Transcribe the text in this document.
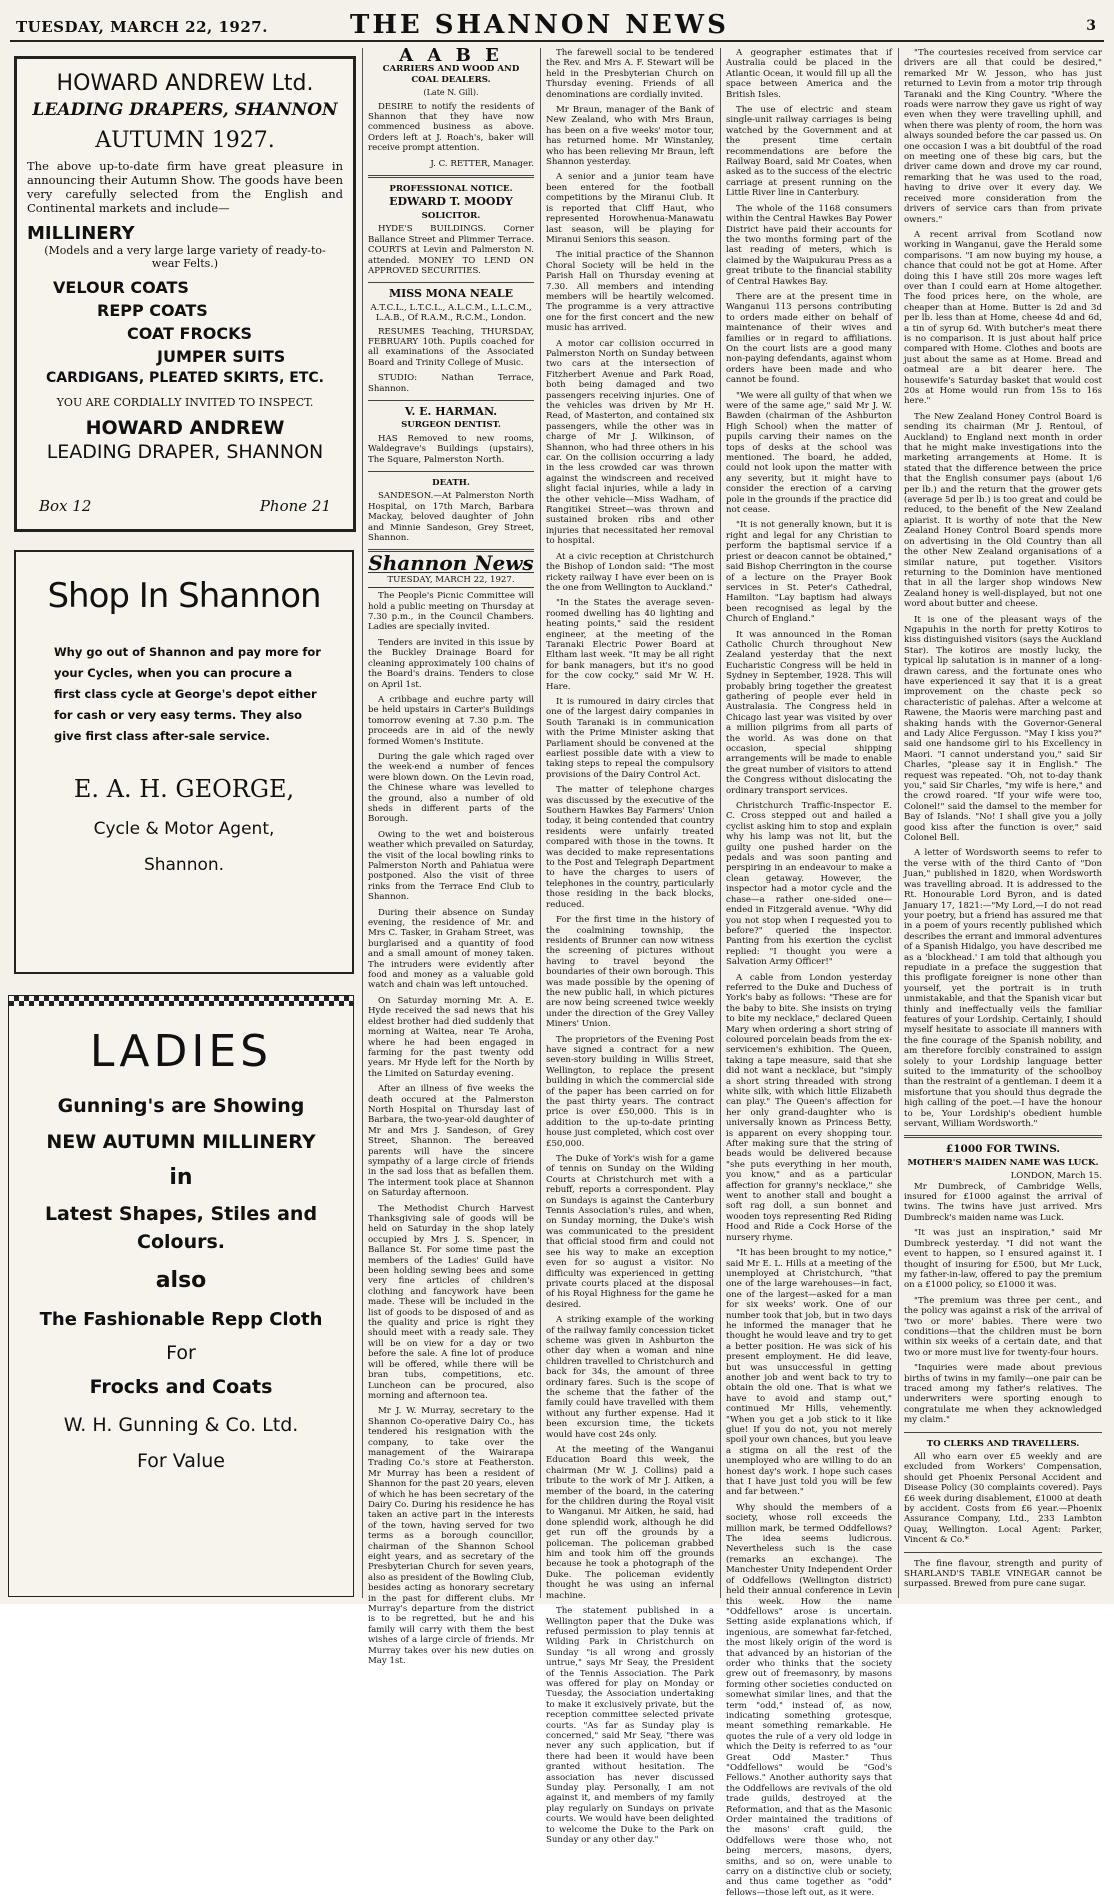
TUESDAY, MARCH 22, 1927.	THE SHANNON NEWS	3
HOWARD ANDREW Ltd.
LEADING DRAPERS, SHANNON
AUTUMN 1927.
The above up-to-date firm have great pleasure in announcing their Autumn Show. The goods have been very carefully selected from the English and Continental markets and include—
MILLINERY
(Models and a very large large variety of ready-to-wear Felts.)
VELOUR COATS
REPP COATS
COAT FROCKS
JUMPER SUITS
CARDIGANS, PLEATED SKIRTS, ETC.
YOU ARE CORDIALLY INVITED TO INSPECT.
HOWARD ANDREW
LEADING DRAPER, SHANNON
Box 12	Phone 21
Shop In Shannon
Why go out of Shannon and pay more for your Cycles, when you can procure a first class cycle at George's depot either for cash or very easy terms. They also give first class after-sale service.
E. A. H. GEORGE,
Cycle & Motor Agent,
Shannon.
LADIES
Gunning's are Showing
NEW AUTUMN MILLINERY
in
Latest Shapes, Stiles and Colours.
also
The Fashionable Repp Cloth
For
Frocks and Coats
W. H. Gunning & Co. Ltd.
For Value
A A B E
CARRIERS AND WOOD AND COAL DEALERS.
(Late N. Gill).

DESIRE to notify the residents of Shannon that they have now commenced business as above. Orders left at J. Roach's, baker will receive prompt attention.

J. C. RETTER, Manager.
PROFESSIONAL NOTICE.
EDWARD T. MOODY
SOLICITOR.

HYDE'S BUILDINGS. Corner Ballance Street and Plimmer Terrace. COURTS at Levin and Palmerston N. attended. MONEY TO LEND ON APPROVED SECURITIES.

MISS MONA NEALE
A.T.C.L., L.T.C.L., A.L.C.M., L.L.C.M., L.A.B., Of R.A.M., R.C.M., London.

RESUMES Teaching, THURSDAY, FEBRUARY 10th. Pupils coached for all examinations of the Associated Board and Trinity College of Music.

STUDIO: Nathan Terrace, Shannon.

V. E. HARMAN.
SURGEON DENTIST.

HAS Removed to new rooms, Waldegrave's Buildings (upstairs), The Square, Palmerston North.

DEATH.

SANDESON.—At Palmerston North Hospital, on 17th March, Barbara Mackay, beloved daughter of John and Minnie Sandeson, Grey Street, Shannon.

Shannon News
TUESDAY, MARCH 22, 1927.

The People's Picnic Committee will hold a public meeting on Thursday at 7.30 p.m., in the Council Chambers. Ladies are specially invited.

Tenders are invited in this issue by the Buckley Drainage Board for cleaning approximately 100 chains of the Board's drains. Tenders to close on April 1st.

A cribbage and euchre party will be held upstairs in Carter's Buildings tomorrow evening at 7.30 p.m. The proceeds are in aid of the newly formed Women's Institute.

During the gale which raged over the week-end a number of fences were blown down. On the Levin road, the Chinese whare was levelled to the ground, also a number of old sheds in different parts of the Borough.

Owing to the wet and boisterous weather which prevailed on Saturday, the visit of the local bowling rinks to Palmerston North and Pahiatua were postponed. Also the visit of three rinks from the Terrace End Club to Shannon.

During their absence on Sunday evening, the residence of Mr. and Mrs C. Tasker, in Graham Street, was burglarised and a quantity of food and a small amount of money taken. The intruders were evidently after food and money as a valuable gold watch and chain was left untouched.

On Saturday morning Mr. A. E. Hyde received the sad news that his eldest brother had died suddenly that morning at Waitea, near Te Aroha, where he had been engaged in farming for the past twenty odd years. Mr Hyde left for the North by the Limited on Saturday evening.

After an illness of five weeks the death occured at the Palmerston North Hospital on Thursday last of Barbara, the two-year-old daughter of Mr and Mrs J. Sandeson, of Grey Street, Shannon. The bereaved parents will have the sincere sympathy of a large circle of friends in the sad loss that as befallen them. The interment took place at Shannon on Saturday afternoon.

The Methodist Church Harvest Thanksgiving sale of goods will be held on Saturday in the shop lately occupied by Mrs J. S. Spencer, in Ballance St. For some time past the members of the Ladies' Guild have been holding sewing bees and some very fine articles of children's clothing and fancywork have been made. These will be included in the list of goods to be disposed of and as the quality and price is right they should meet with a ready sale. They will be on view for a day or two before the sale. A fine lot of produce will be offered, while there will be bran tubs, competitions, etc. Luncheon can be procured, also morning and afternoon tea.

Mr J. W. Murray, secretary to the Shannon Co-operative Dairy Co., has tendered his resignation with the company, to take over the management of the Wairarapa Trading Co.'s store at Featherston. Mr Murray has been a resident of Shannon for the past 20 years, eleven of which he has been secretary of the Dairy Co. During his residence he has taken an active part in the interests of the town, having served for two terms as a borough councillor, chairman of the Shannon School eight years, and as secretary of the Presbyterian Church for seven years, also as president of the Bowling Club, besides acting as honorary secretary in the past for different clubs. Mr Murray's departure from the district is to be regretted, but he and his family will carry with them the best wishes of a large circle of friends. Mr Murray takes over his new duties on May 1st.

The farewell social to be tendered the Rev. and Mrs A. F. Stewart will be held in the Presbyterian Church on Thursday evening. Friends of all denominations are cordially invited.

Mr Braun, manager of the Bank of New Zealand, who with Mrs Braun, has been on a five weeks' motor tour, has returned home. Mr Winstanley, who has been relieving Mr Braun, left Shannon yesterday.

A senior and a junior team have been entered for the football competitions by the Miranui Club. It is reported that Cliff Haut, who represented Horowhenua-Manawatu last season, will be playing for Miranui Seniors this season.

The initial practice of the Shannon Choral Society will be held in the Parish Hall on Thursday evening at 7.30. All members and intending members will be heartily welcomed. The programme is a very attractive one for the first concert and the new music has arrived.

A motor car collision occurred in Palmerston North on Sunday between two cars at the intersection of Fitzherbert Avenue and Park Road, both being damaged and two passengers receiving injuries. One of the vehicles was driven by Mr H. Read, of Masterton, and contained six passengers, while the other was in charge of Mr J. Wilkinson, of Shannon, who had three others in his car. On the collision occurring a lady in the less crowded car was thrown against the windscreen and received slight facial injuries, while a lady in the other vehicle—Miss Wadham, of Rangitikei Street—was thrown and sustained broken ribs and other injuries that necessitated her removal to hospital.

At a civic reception at Christchurch the Bishop of London said: "The most rickety railway I have ever been on is the one from Wellington to Auckland."

"In the States the average seven-roomed dwelling has 40 lighting and heating points," said the resident engineer, at the meeting of the Taranaki Electric Power Board at Eltham last week. "It may be all right for bank managers, but it's no good for the cow cocky," said Mr W. H. Hare.

It is rumoured in dairy circles that one of the largest dairy companies in South Taranaki is in communication with the Prime Minister asking that Parliament should be convened at the earliest possible date with a view to taking steps to repeal the compulsory provisions of the Dairy Control Act.

The matter of telephone charges was discussed by the executive of the Southern Hawkes Bay Farmers' Union today, it being contended that country residents were unfairly treated compared with those in the towns. It was decided to make representations to the Post and Telegraph Department to have the charges to users of telephones in the country, particularly those residing in the back blocks, reduced.

For the first time in the history of the coalmining township, the residents of Brunner can now witness the screening of pictures without having to travel beyond the boundaries of their own borough. This was made possible by the opening of the new public hall, in which pictures are now being screened twice weekly under the direction of the Grey Valley Miners' Union.

The proprietors of the Evening Post have signed a contract for a new seven-story building in Willis Street, Wellington, to replace the present building in which the commercial side of the paper has been carried on for the past thirty years. The contract price is over £50,000. This is in addition to the up-to-date printing house just completed, which cost over £50,000.

The Duke of York's wish for a game of tennis on Sunday on the Wilding Courts at Christchurch met with a rebuff, reports a correspondent. Play on Sundays is against the Canterbury Tennis Association's rules, and when, on Sunday morning, the Duke's wish was communicated to the president that official stood firm and could not see his way to make an exception even for so august a visitor. No difficulty was experienced in getting private courts placed at the disposal of his Royal Highness for the game he desired.

A striking example of the working of the railway family concession ticket scheme was given in Ashburton the other day when a woman and nine children travelled to Christchurch and back for 34s, the amount of three ordinary fares. Such is the scope of the scheme that the father of the family could have travelled with them without any further expense. Had it been excursion time, the tickets would have cost 24s only.

At the meeting of the Wanganui Education Board this week, the chairman (Mr W. J. Collins) paid a tribute to the work of Mr J. Aitken, a member of the board, in the catering for the children during the Royal visit to Wanganui. Mr Aitken, he said, had done splendid work, although he did get run off the grounds by a policeman. The policeman grabbed him and took him off the grounds because he took a photograph of the Duke. The policeman evidently thought he was using an infernal machine.

The statement published in a Wellington paper that the Duke was refused permission to play tennis at Wilding Park in Christchurch on Sunday "is all wrong and grossly untrue," says Mr Seay, the President of the Tennis Association. The Park was offered for play on Monday or Tuesday, the Association undertaking to make it exclusively private, but the reception committee selected private courts. "As far as Sunday play is concerned," said Mr Seay, "there was never any such application, but if there had been it would have been granted without hesitation. The association has never discussed Sunday play. Personally, I am not against it, and members of my family play regularly on Sundays on private courts. We would have been delighted to welcome the Duke to the Park on Sunday or any other day."

A geographer estimates that if Australia could be placed in the Atlantic Ocean, it would fill up all the space between America and the British Isles.

The use of electric and steam single-unit railway carriages is being watched by the Government and at the present time certain recommendations are before the Railway Board, said Mr Coates, when asked as to the success of the electric carriage at present running on the Little River line in Canterbury.

The whole of the 1168 consumers within the Central Hawkes Bay Power District have paid their accounts for the two months forming part of the last reading of meters, which is claimed by the Waipukurau Press as a great tribute to the financial stability of Central Hawkes Bay.

There are at the present time in Wanganui 113 persons contributing to orders made either on behalf of maintenance of their wives and families or in regard to affiliations. On the court lists are a good many non-paying defendants, against whom orders have been made and who cannot be found.

"We were all guilty of that when we were of the same age," said Mr J. W. Bawden (chairman of the Ashburton High School) when the matter of pupils carving their names on the tops of desks at the school was mentioned. The board, he added, could not look upon the matter with any severity, but it might have to consider the erection of a carving pole in the grounds if the practice did not cease.

"It is not generally known, but it is right and legal for any Christian to perform the baptismal service if a priest or deacon cannot be obtained," said Bishop Cherrington in the course of a lecture on the Prayer Book services in St. Peter's Cathedral, Hamilton. "Lay baptism had always been recognised as legal by the Church of England."

It was announced in the Roman Catholic Church throughout New Zealand yesterday that the next Eucharistic Congress will be held in Sydney in September, 1928. This will probably bring together the greatest gathering of people ever held in Australasia. The Congress held in Chicago last year was visited by over a million pilgrims from all parts of the world. As was done on that occasion, special shipping arrangements will be made to enable the great number of visitors to attend the Congress without dislocating the ordinary transport services.

Christchurch Traffic-Inspector E. C. Cross stepped out and hailed a cyclist asking him to stop and explain why his lamp was not lit, but the guilty one pushed harder on the pedals and was soon panting and perspiring in an endeavour to make a clean getaway. However, the inspector had a motor cycle and the chase—a rather one-sided one—ended in Fitzgerald avenue. "Why did you not stop when I requested you to before?" queried the inspector. Panting from his exertion the cyclist replied: "I thought you were a Salvation Army Officer!"

A cable from London yesterday referred to the Duke and Duchess of York's baby as follows: "These are for the baby to bite. She insists on trying to bite my necklace," declared Queen Mary when ordering a short string of coloured porcelain beads from the ex-servicemen's exhibition. The Queen, taking a tape measure, said that she did not want a necklace, but "simply a short string threaded with strong white silk, with which little Elizabeth can play." The Queen's affection for her only grand-daughter who is universally known as Princess Betty, is apparent on every shopping tour. After making sure that the string of beads would be delivered because "she puts everything in her mouth, you know," and as a particular affection for granny's necklace," she went to another stall and bought a soft rag doll, a sun bonnet and wooden toys representing Red Riding Hood and Ride a Cock Horse of the nursery rhyme.

"It has been brought to my notice," said Mr E. L. Hills at a meeting of the unemployed at Christchurch, "that one of the large warehouses—in fact, one of the largest—asked for a man for six weeks' work. One of our number took that job, but in two days he informed the manager that he thought he would leave and try to get a better position. He was sick of his present employment. He did leave, but was unsuccessful in getting another job and went back to try to obtain the old one. That is what we have to avoid and stamp out," continued Mr Hills, vehemently. "When you get a job stick to it like glue! If you do not, you not merely spoil your own chances, but you leave a stigma on all the rest of the unemployed who are willing to do an honest day's work. I hope such cases that I have just told you will be few and far between."

Why should the members of a society, whose roll exceeds the million mark, be termed Oddfellows? The idea seems ludicrous. Nevertheless such is the case (remarks an exchange). The Manchester Unity Independent Order of Oddfellows (Wellington district) held their annual conference in Levin this week. How the name "Oddfellows" arose is uncertain. Setting aside explanations which, if ingenious, are somewhat far-fetched, the most likely origin of the word is that advanced by an historian of the order who thinks that the society grew out of freemasonry, by masons forming other societies conducted on somewhat similar lines, and that the term "odd," instead of, as now, indicating something grotesque, meant something remarkable. He quotes the rule of a very old lodge in which the Deity is referred to as "our Great Odd Master." Thus "Oddfellows" would be "God's Fellows." Another authority says that the Oddfellows are revivals of the old trade guilds, destroyed at the Reformation, and that as the Masonic Order maintained the traditions of the masons' craft guild, the Oddfellows were those who, not being mercers, masons, dyers, smiths, and so on, were unable to carry on a distinctive club or society, and thus came together as "odd" fellows—those left out, as it were.

"The courtesies received from service car drivers are all that could be desired," remarked Mr W. Jesson, who has just returned to Levin from a motor trip through Taranaki and the King Country. "Where the roads were narrow they gave us right of way even when they were travelling uphill, and when there was plenty of room, the horn was always sounded before the car passed us. On one occasion I was a bit doubtful of the road on meeting one of these big cars, but the driver came down and drove my car round, remarking that he was used to the road, having to drive over it every day. We received more consideration from the drivers of service cars than from private owners."

A recent arrival from Scotland now working in Wanganui, gave the Herald some comparisons. "I am now buying my house, a chance that could not be got at Home. After doing this I have still 20s more wages left over than I could earn at Home altogether. The food prices here, on the whole, are cheaper than at Home. Butter is 2d and 3d per lb. less than at Home, cheese 4d and 6d, a tin of syrup 6d. With butcher's meat there is no comparison. It is just about half price compared with Home. Clothes and boots are just about the same as at Home. Bread and oatmeal are a bit dearer here. The housewife's Saturday basket that would cost 20s at Home would run from 15s to 16s here."

The New Zealand Honey Control Board is sending its chairman (Mr J. Rentoul, of Auckland) to England next month in order that he might make investigations into the marketing arrangements at Home. It is stated that the difference between the price that the English consumer pays (about 1/6 per lb.) and the return that the grower gets (average 5d per lb.) is too great and could be reduced, to the benefit of the New Zealand apiarist. It is worthy of note that the New Zealand Honey Control Board spends more on advertising in the Old Country than all the other New Zealand organisations of a similar nature, put together. Visitors returning to the Dominion have mentioned that in all the larger shop windows New Zealand honey is well-displayed, but not one word about butter and cheese.

It is one of the pleasant ways of the Ngapuhis in the north for pretty Kotiros to kiss distinguished visitors (says the Auckland Star). The kotiros are mostly lucky, the typical lip salutation is in manner of a long-drawn caress, and the fortunate ones who have experienced it say that it is a great improvement on the chaste peck so characteristic of palehas. After a welcome at Rawene, the Maoris were marching past and shaking hands with the Governor-General and Lady Alice Fergusson. "May I kiss you?" said one handsome girl to his Excellency in Maori. "I cannot understand you," said Sir Charles, "please say it in English." The request was repeated. "Oh, not to-day thank you," said Sir Charles, "my wife is here," and the crowd roared. "If your wife were too, Colonel!" said the damsel to the member for Bay of Islands. "No! I shall give you a jolly good kiss after the function is over," said Colonel Bell.

A letter of Wordsworth seems to refer to the verse with of the third Canto of "Don Juan," published in 1820, when Wordsworth was travelling abroad. It is addressed to the Rt. Honourable Lord Byron, and is dated January 17, 1821:—"My Lord,—I do not read your poetry, but a friend has assured me that in a poem of yours recently published which describes the errant and immoral adventures of a Spanish Hidalgo, you have described me as a 'blockhead.' I am told that although you repudiate in a preface the suggestion that this profligate foreigner is none other than yourself, yet the portrait is in truth unmistakable, and that the Spanish vicar but thinly and ineffectually veils the familiar features of your Lordship. Certainly, I should myself hesitate to associate ill manners with the fine courage of the Spanish nobility, and am therefore forcibly constrained to assign solely to your Lordship language better suited to the immaturity of the schoolboy than the restraint of a gentleman. I deem it a misfortune that you should thus degrade the high calling of the poet.—I have the honour to be, Your Lordship's obedient humble servant, William Wordsworth."

£1000 FOR TWINS.
MOTHER'S MAIDEN NAME WAS LUCK.
LONDON, March 15.

Mr Dumbreck, of Cambridge Wells, insured for £1000 against the arrival of twins. The twins have just arrived. Mrs Dumbreck's maiden name was Luck.

"It was just an inspiration," said Mr Dumbreck yesterday. "I did not want the event to happen, so I ensured against it. I thought of insuring for £500, but Mr Luck, my father-in-law, offered to pay the premium on a £1000 policy, so £1000 it was.

"The premium was three per cent., and the policy was against a risk of the arrival of 'two or more' babies. There were two conditions—that the children must be born within six weeks of a certain date, and that two or more must live for twenty-four hours.

"Inquiries were made about previous births of twins in my family—one pair can be traced among my father's relatives. The underwriters were sporting enough to congratulate me when they acknowledged my claim."

TO CLERKS AND TRAVELLERS.

All who earn over £5 weekly and are excluded from Workers' Compensation, should get Phoenix Personal Accident and Disease Policy (30 complaints covered). Pays £6 week during disablement, £1000 at death by accident. Costs from £6 year.—Phoenix Assurance Company, Ltd., 233 Lambton Quay, Wellington. Local Agent: Parker, Vincent & Co.*

The fine flavour, strength and purity of SHARLAND'S TABLE VINEGAR cannot be surpassed. Brewed from pure cane sugar.
